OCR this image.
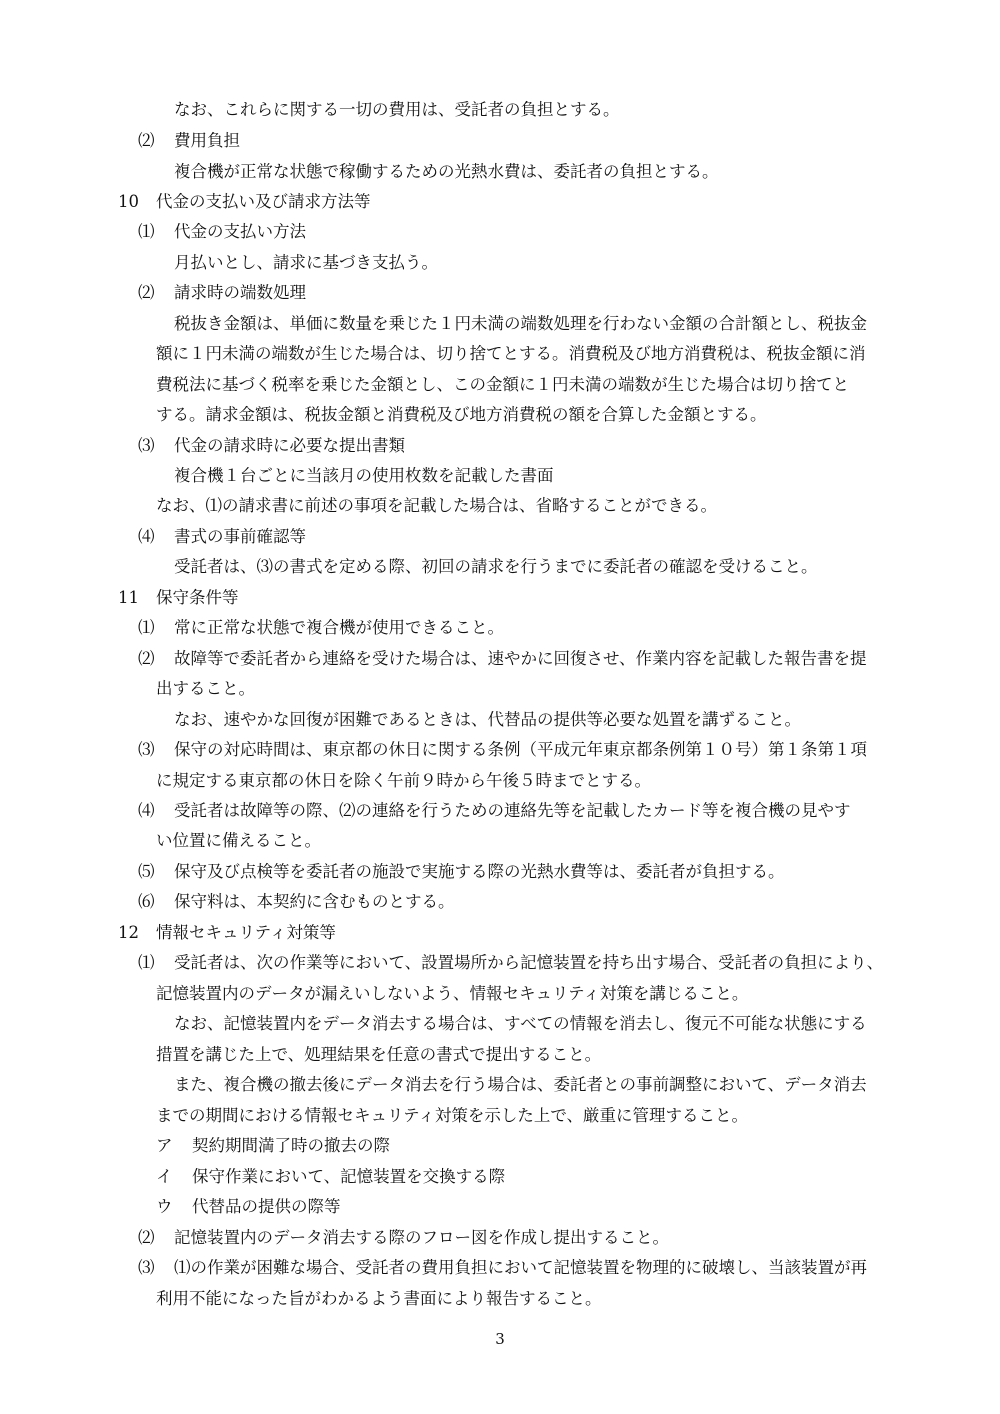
なお、これらに関する一切の費用は、受託者の負担とする。
⑵ 費用負担
複合機が正常な状態で稼働するための光熱水費は、委託者の負担とする。
10 代金の支払い及び請求方法等
⑴ 代金の支払い方法
月払いとし、請求に基づき支払う。
⑵ 請求時の端数処理
税抜き金額は、単価に数量を乗じた１円未満の端数処理を行わない金額の合計額とし、税抜金
額に１円未満の端数が生じた場合は、切り捨てとする。消費税及び地方消費税は、税抜金額に消
費税法に基づく税率を乗じた金額とし、この金額に１円未満の端数が生じた場合は切り捨てと
する。請求金額は、税抜金額と消費税及び地方消費税の額を合算した金額とする。
⑶ 代金の請求時に必要な提出書類
複合機１台ごとに当該月の使用枚数を記載した書面
なお、⑴の請求書に前述の事項を記載した場合は、省略することができる。
⑷ 書式の事前確認等
受託者は、⑶の書式を定める際、初回の請求を行うまでに委託者の確認を受けること。
11 保守条件等
⑴ 常に正常な状態で複合機が使用できること。
⑵ 故障等で委託者から連絡を受けた場合は、速やかに回復させ、作業内容を記載した報告書を提
出すること。
なお、速やかな回復が困難であるときは、代替品の提供等必要な処置を講ずること。
⑶ 保守の対応時間は、東京都の休日に関する条例（平成元年東京都条例第１０号）第１条第１項
に規定する東京都の休日を除く午前９時から午後５時までとする。
⑷ 受託者は故障等の際、⑵の連絡を行うための連絡先等を記載したカード等を複合機の見やす
い位置に備えること。
⑸ 保守及び点検等を委託者の施設で実施する際の光熱水費等は、委託者が負担する。
⑹ 保守料は、本契約に含むものとする。
12 情報セキュリティ対策等
⑴ 受託者は、次の作業等において、設置場所から記憶装置を持ち出す場合、受託者の負担により、
記憶装置内のデータが漏えいしないよう、情報セキュリティ対策を講じること。
なお、記憶装置内をデータ消去する場合は、すべての情報を消去し、復元不可能な状態にする
措置を講じた上で、処理結果を任意の書式で提出すること。
また、複合機の撤去後にデータ消去を行う場合は、委託者との事前調整において、データ消去
までの期間における情報セキュリティ対策を示した上で、厳重に管理すること。
ア 契約期間満了時の撤去の際
イ 保守作業において、記憶装置を交換する際
ウ 代替品の提供の際等
⑵ 記憶装置内のデータ消去する際のフロー図を作成し提出すること。
⑶ ⑴の作業が困難な場合、受託者の費用負担において記憶装置を物理的に破壊し、当該装置が再
利用不能になった旨がわかるよう書面により報告すること。
3
